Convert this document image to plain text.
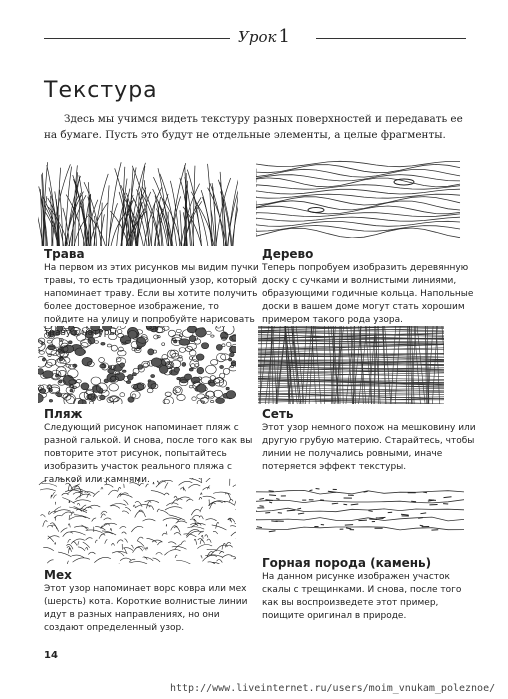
Урок 1
Текстура
Здесь мы учимся видеть текстуру разных поверхностей и передавать ее на бумаге. Пусть это будут не отдельные элементы, а целые фрагменты.
Трава
На первом из этих рисунков мы видим пучки травы, то есть традиционный узор, который напоминает траву. Если вы хотите получить более достоверное изображение, то пойдите на улицу и попробуйте нарисовать траву с натуры.
Дерево
Теперь попробуем изобразить деревянную доску с сучками и волнистыми линиями, образующими годичные кольца. Напольные доски в вашем доме могут стать хорошим примером такого рода узора.
Пляж
Следующий рисунок напоминает пляж с разной галькой. И снова, после того как вы повторите этот рисунок, попытайтесь изобразить участок реального пляжа с галькой или камнями.
Сеть
Этот узор немного похож на мешковину или другую грубую материю. Старайтесь, чтобы линии не получались ровными, иначе потеряется эффект текстуры.
Мех
Этот узор напоминает ворс ковра или мех (шерсть) кота. Короткие волнистые линии идут в разных направлениях, но они создают определенный узор.
Горная порода (камень)
На данном рисунке изображен участок скалы с трещинками. И снова, после того как вы воспроизведете этот пример, поищите оригинал в природе.
14
http://www.liveinternet.ru/users/moim_vnukam_poleznoe/
